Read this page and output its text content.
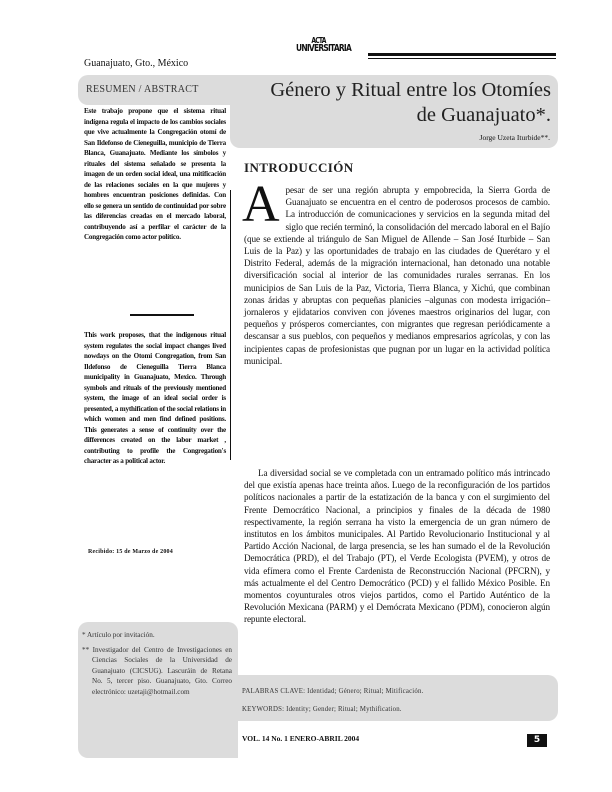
Guanajuato, Gto., México
ACTA
UNIVERSITARIA
RESUMEN / ABSTRACT	Género y Ritual entre los Otomíes
de Guanajuato*.
Jorge Uzeta Iturbide**.
Este trabajo propone que el sistema ritual indígena regula el impacto de los cambios sociales que vive actualmente la Congregación otomí de San Ildefonso de Cieneguilla, municipio de Tierra Blanca, Guanajuato. Mediante los símbolos y rituales del sistema señalado se presenta la imagen de un orden social ideal, una mitificación de las relaciones sociales en la que mujeres y hombres encuentran posiciones definidas. Con ello se genera un sentido de continuidad por sobre las diferencias creadas en el mercado laboral, contribuyendo así a perfilar el carácter de la Congregación como actor político.
This work proposes, that the indigenous ritual system regulates the social impact changes lived nowdays on the Otomi Congregation, from San Ildefonso de Cieneguilla Tierra Blanca municipality in Guanajuato, Mexico. Through symbols and rituals of the previously mentioned system, the image of an ideal social order is presented, a mythification of the social relations in which women and men find defined positions. This generates a sense of continuity over the differences created on the labor market , contributing to profile the Congregation's character as a political actor.
Recibido: 15 de Marzo de 2004
INTRODUCCIÓN
Apesar de ser una región abrupta y empobrecida, la Sierra Gorda de Guanajuato se encuentra en el centro de poderosos procesos de cambio. La introducción de comunicaciones y servicios en la segunda mitad del siglo que recién terminó, la consolidación del mercado laboral en el Bajío (que se extiende al triángulo de San Miguel de Allende – San José Iturbide – San Luis de la Paz) y las oportunidades de trabajo en las ciudades de Querétaro y el Distrito Federal, además de la migración internacional, han detonado una notable diversificación social al interior de las comunidades rurales serranas. En los municipios de San Luis de la Paz, Victoria, Tierra Blanca, y Xichú, que combinan zonas áridas y abruptas con pequeñas planicies –algunas con modesta irrigación– jornaleros y ejidatarios conviven con jóvenes maestros originarios del lugar, con pequeños y prósperos comerciantes, con migrantes que regresan periódicamente a descansar a sus pueblos, con pequeños y medianos empresarios agrícolas, y con las incipientes capas de profesionistas que pugnan por un lugar en la actividad política municipal.
La diversidad social se ve completada con un entramado político más intrincado del que existía apenas hace treinta años. Luego de la reconfiguración de los partidos políticos nacionales a partir de la estatización de la banca y con el surgimiento del Frente Democrático Nacional, a principios y finales de la década de 1980 respectivamente, la región serrana ha visto la emergencia de un gran número de institutos en los ámbitos municipales. Al Partido Revolucionario Institucional y al Partido Acción Nacional, de larga presencia, se les han sumado el de la Revolución Democrática (PRD), el del Trabajo (PT), el Verde Ecologista (PVEM), y otros de vida efímera como el Frente Cardenista de Reconstrucción Nacional (PFCRN), y más actualmente el del Centro Democrático (PCD) y el fallido México Posible. En momentos coyunturales otros viejos partidos, como el Partido Auténtico de la Revolución Mexicana (PARM) y el Demócrata Mexicano (PDM), conocieron algún repunte electoral.
* Artículo por invitación.
** Investigador del Centro de Investigaciones en Ciencias Sociales de la Universidad de Guanajuato (CICSUG). Lascuráin de Retana No. 5, tercer piso. Guanajuato, Gto. Correo electrónico: uzetaji@hotmail.com	PALABRAS CLAVE: Identidad; Género; Ritual; Mitificación.
KEYWORDS: Identity; Gender; Ritual; Mythification.
VOL. 14 No. 1 ENERO-ABRIL 2004	5
